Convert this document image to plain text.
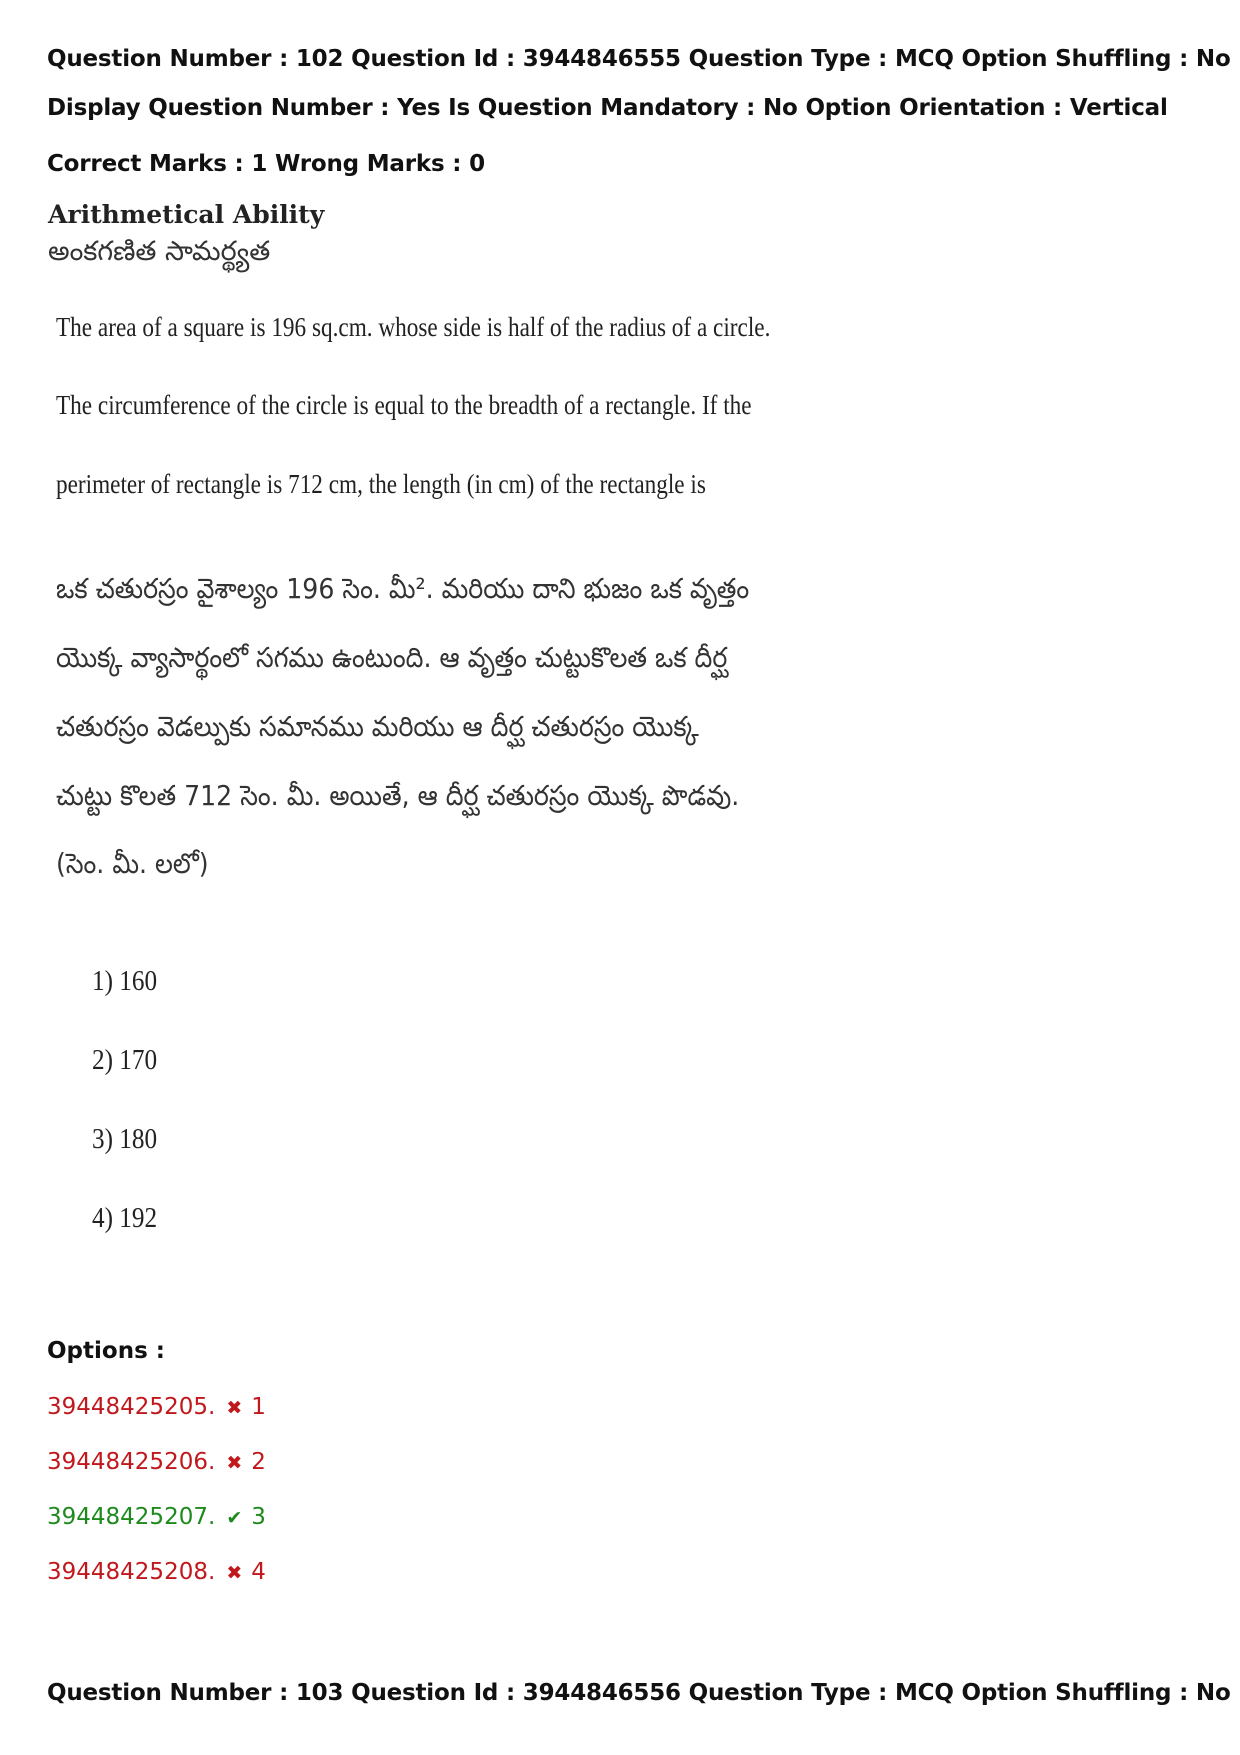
Question Number : 102 Question Id : 3944846555 Question Type : MCQ Option Shuffling : No
Display Question Number : Yes Is Question Mandatory : No Option Orientation : Vertical
Correct Marks : 1 Wrong Marks : 0
Arithmetical Ability
అంకగణిత సామర్థ్యత
The area of a square is 196 sq.cm. whose side is half of the radius of a circle.
The circumference of the circle is equal to the breadth of a rectangle. If the
perimeter of rectangle is 712 cm, the length (in cm) of the rectangle is
ఒక చతురస్రం వైశాల్యం 196 సెం. మీ². మరియు దాని భుజం ఒక వృత్తం
యొక్క వ్యాసార్థంలో సగము ఉంటుంది. ఆ వృత్తం చుట్టుకొలత ఒక దీర్ఘ
చతురస్రం వెడల్పుకు సమానము మరియు ఆ దీర్ఘ చతురస్రం యొక్క
చుట్టు కొలత 712 సెం. మీ. అయితే, ఆ దీర్ఘ చతురస్రం యొక్క పొడవు.
(సెం. మీ. లలో)
1) 160
2) 170
3) 180
4) 192
Options :
39448425205. ✖ 1
39448425206. ✖ 2
39448425207. ✔ 3
39448425208. ✖ 4
Question Number : 103 Question Id : 3944846556 Question Type : MCQ Option Shuffling : No
